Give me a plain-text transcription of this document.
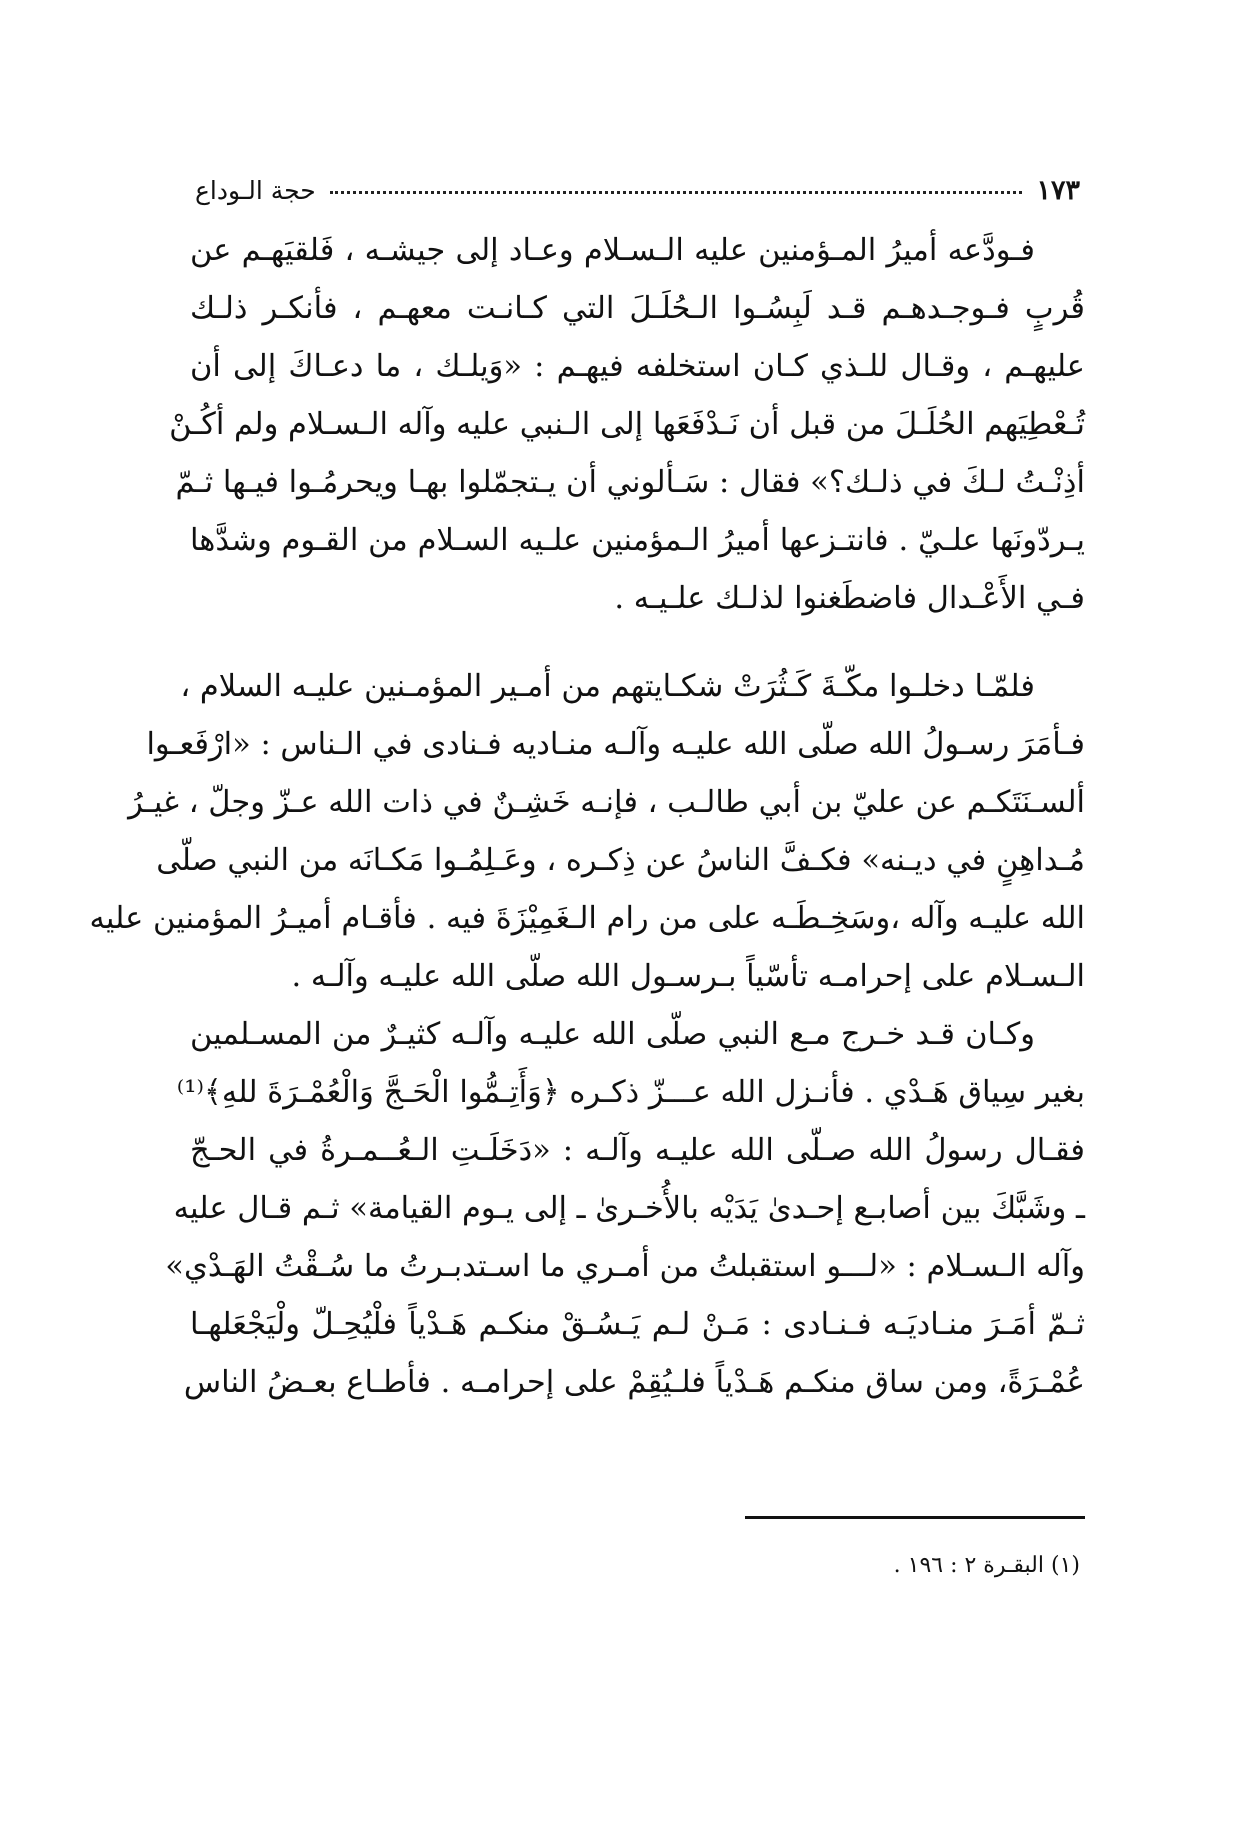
حجة الـوداع	١٧٣
فـودَّعه أميرُ المـؤمنين عليه الـسـلام وعـاد إلى جيشـه ، فَلقيَهـم عن
قُربٍ فـوجـدهـم قـد لَبِسُـوا الـحُلَـلَ التي كـانـت معهـم ، فأنكـر ذلـك
عليهـم ، وقـال للـذي كـان استخلفه فيهـم : «وَيلـك ، ما دعـاكَ إلى أن
تُـعْطِيَهم الحُلَـلَ من قبل أن نَـدْفَعَها إلى الـنبي عليه وآله الـسـلام ولم أكُـنْ
أذِنْـتُ لـكَ في ذلـك؟» فقال : سَـألوني أن يـتجمّلوا بهـا ويحرمُـوا فيـها ثـمّ
يـردّونَها علـيّ . فانتـزعها أميرُ الـمؤمنين علـيه السـلام من القـوم وشدَّها
فـي الأَعْـدال فاضطَغنوا لذلـك علـيـه .
فلمّـا دخلـوا مكّـةَ كَـثُرَتْ شكـايتهم من أمـير المؤمـنين عليـه السلام ،
فـأمَرَ رسـولُ الله صلّى الله عليـه وآلـه منـاديه فـنادى في الـناس : «ارْفَعـوا
ألسـنَتَكـم عن عليّ بن أبي طالـب ، فإنـه خَشِـنٌ في ذات الله عـزّ وجلّ ، غيـرُ
مُـداهِنٍ في ديـنه» فكـفَّ الناسُ عن ذِكـره ، وعَـلِمُـوا مَكـانَه من النبي صلّى
الله عليـه وآله ،وسَخِـطَـه على من رام الـغَمِيْزَةَ فيه . فأقـام أميـرُ المؤمنين عليه
الـسـلام على إحرامـه تأسّياً بـرسـول الله صلّى الله عليـه وآلـه .
وكـان قـد خـرج مـع النبي صلّى الله عليـه وآلـه كثيـرٌ من المسـلمين
بغير سِياق هَـدْي . فأنـزل الله عـــزّ ذكـره ﴿وَأَتِـمُّوا الْحَـجَّ وَالْعُمْـرَةَ للهِ﴾⁽¹⁾
فقـال رسولُ الله صـلّى الله عليـه وآلـه : «دَخَلَـتِ الـعُــمـرةُ في الحـجّ
ـ وشَبَّكَ بين أصابـع إحـدىٰ يَدَيْه بالأُخـرىٰ ـ إلى يـوم القيامة» ثـم قـال عليه
وآله الـسـلام : «لـــو استقبلتُ من أمـري ما اسـتدبـرتُ ما سُـقْتُ الهَـدْي»
ثـمّ أمَـرَ منـاديَـه فـنـادى : مَـنْ لـم يَـسُـقْ منكـم هَـدْياً فلْيُحِـلّ ولْيَجْعَلهـا
عُمْـرَةً، ومن ساق منكـم هَـدْياً فلـيُقِمْ على إحرامـه . فأطـاع بعـضُ الناس
(١) البقـرة ٢ : ١٩٦ .
